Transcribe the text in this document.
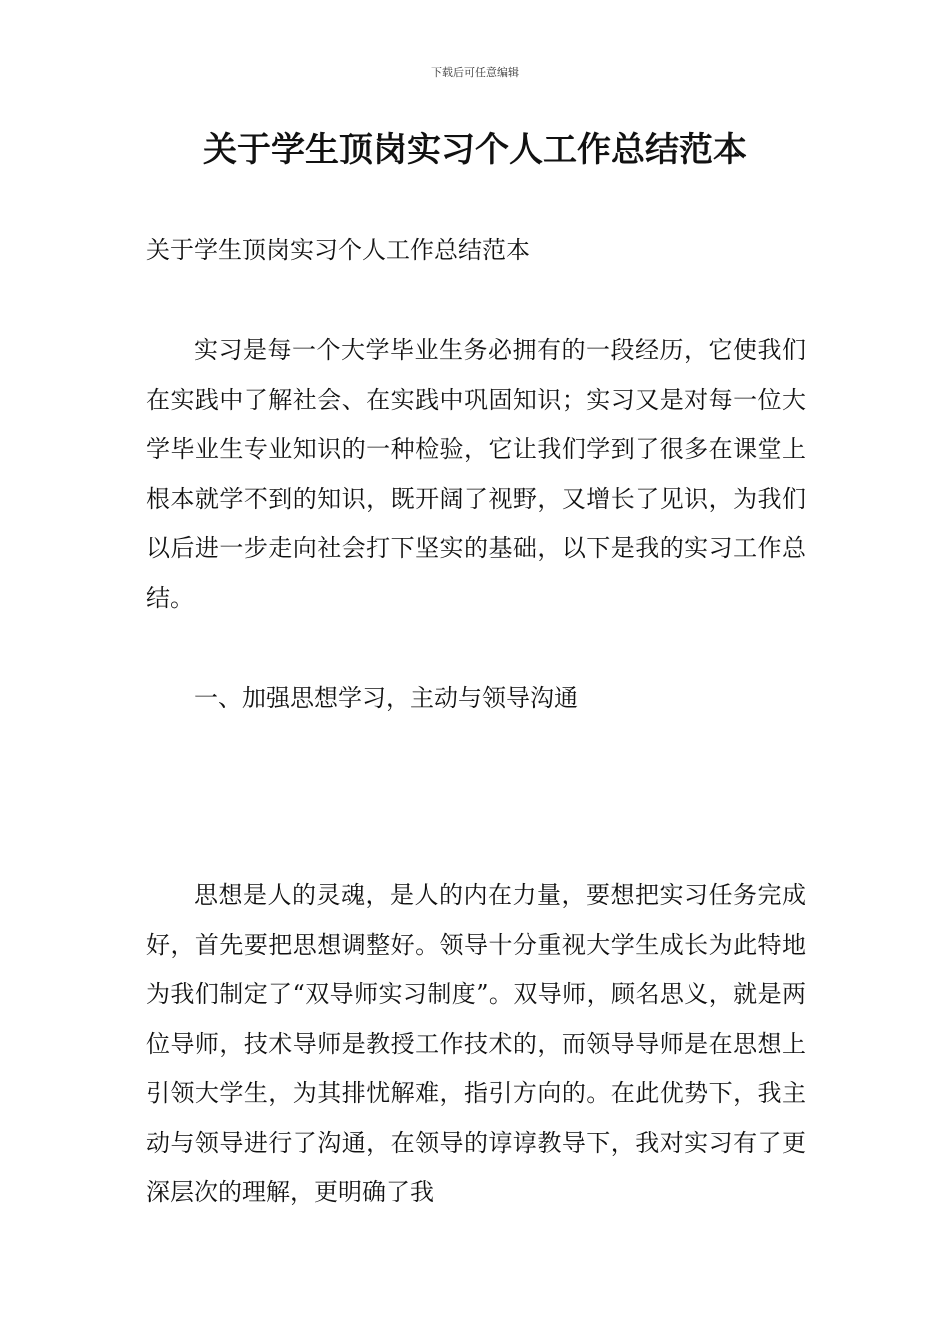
下载后可任意编辑
关于学生顶岗实习个人工作总结范本

关于学生顶岗实习个人工作总结范本

实习是每一个大学毕业生务必拥有的一段经历，它使我们在实践中了解社会、在实践中巩固知识；实习又是对每一位大学毕业生专业知识的一种检验，它让我们学到了很多在课堂上根本就学不到的知识，既开阔了视野，又增长了见识，为我们以后进一步走向社会打下坚实的基础，以下是我的实习工作总结。

一、加强思想学习，主动与领导沟通

思想是人的灵魂，是人的内在力量，要想把实习任务完成好，首先要把思想调整好。领导十分重视大学生成长为此特地为我们制定了“双导师实习制度”。双导师，顾名思义，就是两位导师，技术导师是教授工作技术的，而领导导师是在思想上引领大学生，为其排忧解难，指引方向的。在此优势下，我主动与领导进行了沟通，在领导的谆谆教导下，我对实习有了更深层次的理解，更明确了我
